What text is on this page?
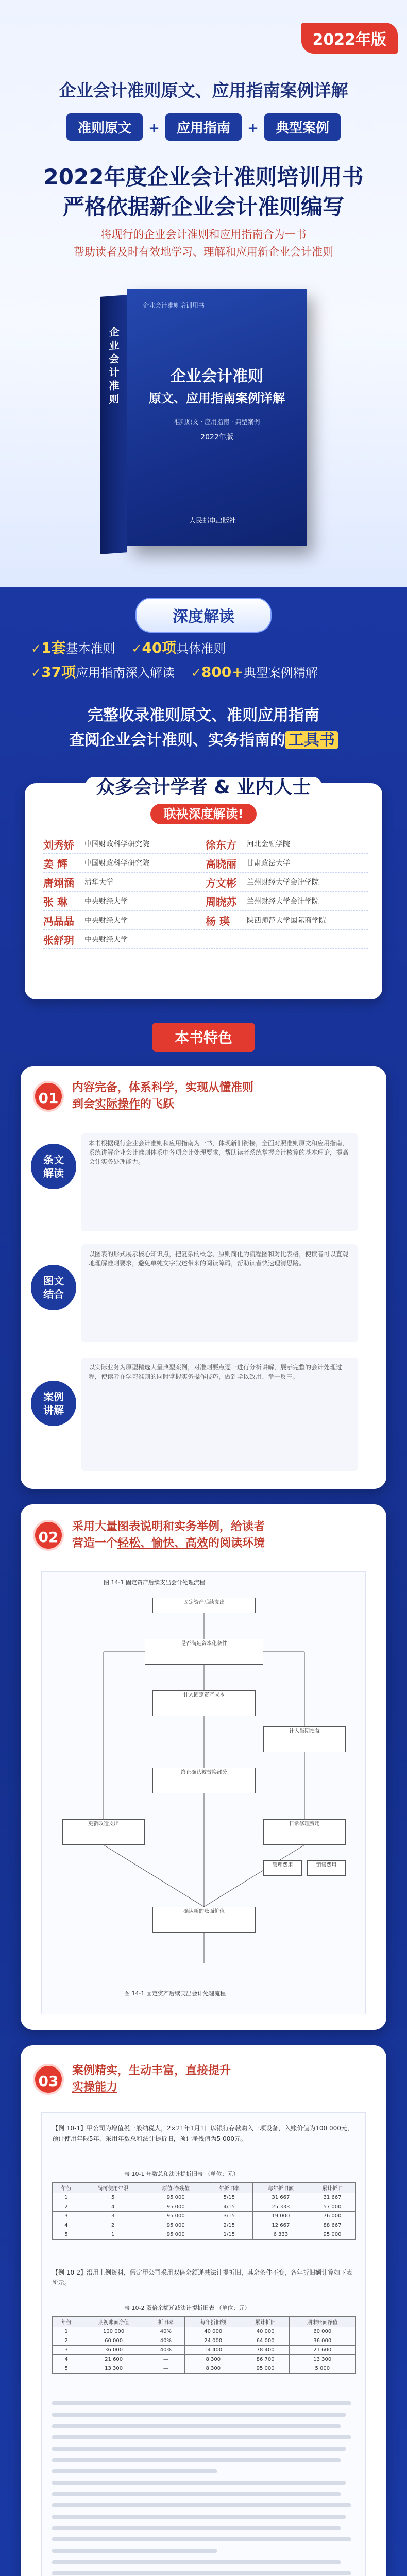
2022年版
企业会计准则原文、应用指南案例详解
准则原文 + 应用指南 + 典型案例
2022年度企业会计准则培训用书
严格依据新企业会计准则编写
将现行的企业会计准则和应用指南合为一书
帮助读者及时有效地学习、理解和应用新企业会计准则
企业会计准则
企业会计准则培训用书
企业会计准则
原文、应用指南案例详解
准则原文 · 应用指南 · 典型案例
2022年版
人民邮电出版社
深度解读
✓1套基本准则 ✓40项具体准则
✓37项应用指南深入解读 ✓800+典型案例精解
完整收录准则原文、准则应用指南
查阅企业会计准则、实务指南的 工具书
众多会计学者 & 业内人士
联袂深度解读!
刘秀娇	中国财政科学研究院	徐东方	河北金融学院
姜 辉	中国财政科学研究院	高晓丽	甘肃政法大学
唐翊涵	清华大学	方文彬	兰州财经大学会计学院
张 琳	中央财经大学	周晓苏	兰州财经大学会计学院
冯晶晶	中央财经大学	杨 瑛	陕西师范大学国际商学院
张舒玥	中央财经大学
本书特色
01
内容完备，体系科学，实现从懂准则
到会实际操作的飞跃
条文
解读
本书根据现行企业会计准则和应用指南为一书，体现新旧衔接，全面对照准则原文和应用指南，系统讲解企业会计准则体系中各项会计处理要求，帮助读者系统掌握会计核算的基本理论，提高会计实务处理能力。
图文
结合
以图表的形式展示核心知识点，把复杂的概念、原则简化为流程图和对比表格，使读者可以直观地理解准则要求，避免单纯文字叙述带来的阅读障碍，帮助读者快速理清思路。
案例
讲解
以实际业务为原型精选大量典型案例，对准则要点逐一进行分析讲解，展示完整的会计处理过程，使读者在学习准则的同时掌握实务操作技巧，做到学以致用、举一反三。
02
采用大量图表说明和实务举例，给读者
营造一个轻松、愉快、高效的阅读环境
图 14-1 固定资产后续支出会计处理流程
固定资产后续支出
是否满足资本化条件
计入固定资产成本
计入当期损益
终止确认被替换部分
更新改造支出	日常修理费用
管理费用	销售费用
确认新的账面价值
图 14-1 固定资产后续支出会计处理流程
03
案例精实，生动丰富，直接提升
实操能力
【例 10-1】甲公司为增值税一般纳税人，2×21年1月1日以银行存款购入一项设备，入账价值为100 000元，预计使用年限5年，采用年数总和法计提折旧，预计净残值为5 000元。
表 10-1 年数总和法计提折旧表 （单位：元）
年份	尚可使用年限	原值-净残值	年折旧率	每年折旧额	累计折旧
1	5	95 000	5/15	31 667	31 667
2	4	95 000	4/15	25 333	57 000
3	3	95 000	3/15	19 000	76 000
4	2	95 000	2/15	12 667	88 667
5	1	95 000	1/15	6 333	95 000
【例 10-2】沿用上例资料，假定甲公司采用双倍余额递减法计提折旧，其余条件不变，各年折旧额计算如下表所示。
表 10-2 双倍余额递减法计提折旧表 （单位：元）
年份	期初账面净值	折旧率	每年折旧额	累计折旧	期末账面净值
1	100 000	40%	40 000	40 000	60 000
2	60 000	40%	24 000	64 000	36 000
3	36 000	40%	14 400	78 400	21 600
4	21 600	—	8 300	86 700	13 300
5	13 300	—	8 300	95 000	5 000
